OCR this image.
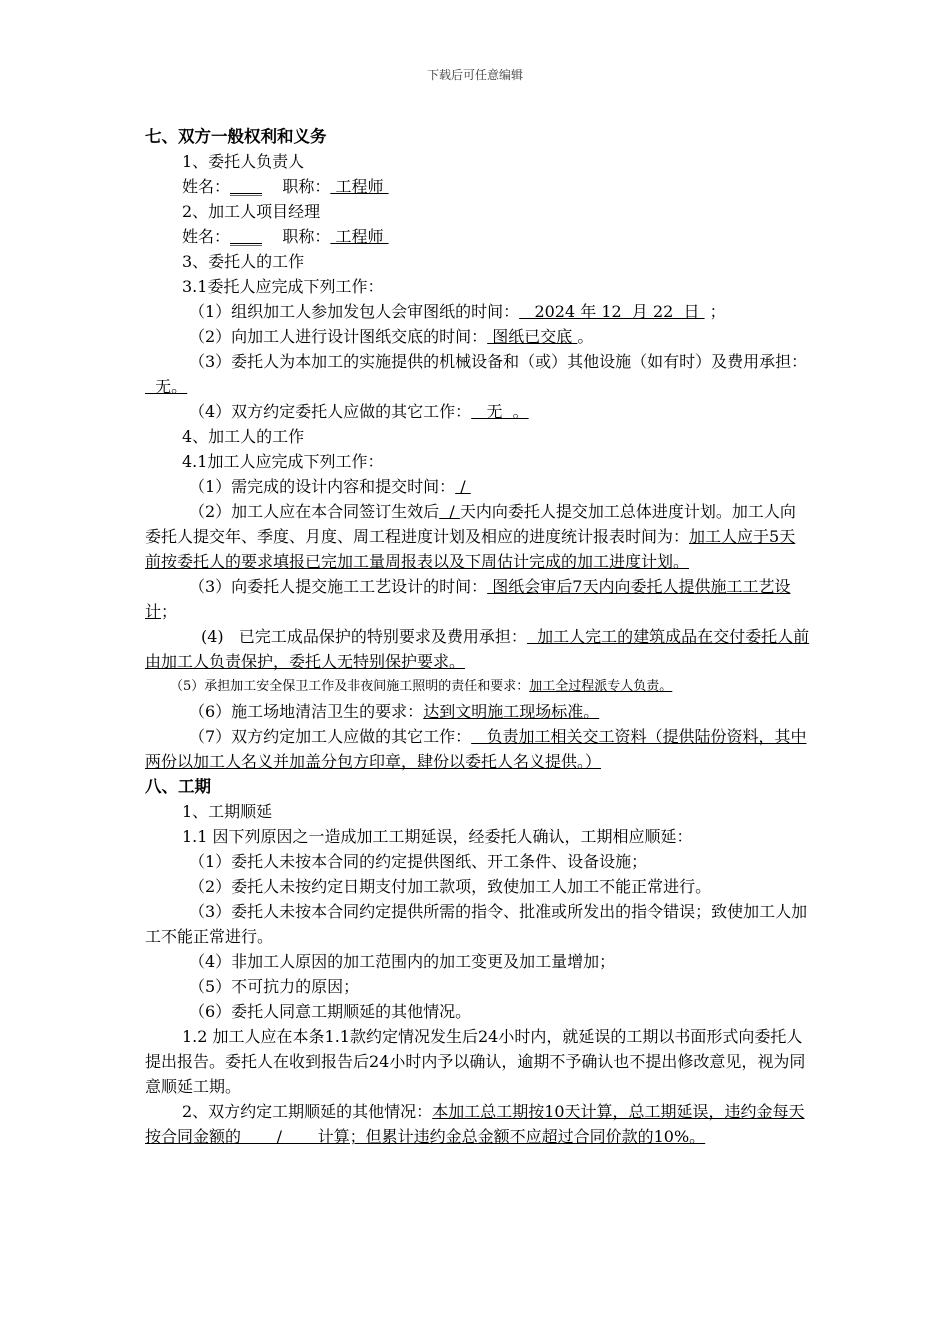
下载后可任意编辑
七、双方一般权利和义务
1、委托人负责人
姓名：____    职称： 工程师
2、加工人项目经理
姓名：____    职称： 工程师
3、委托人的工作
3.1委托人应完成下列工作：
（1）组织加工人参加发包人会审图纸的时间：   2024 年 12  月 22  日  ；
（2）向加工人进行设计图纸交底的时间： 图纸已交底 。
（3）委托人为本加工的实施提供的机械设备和（或）其他设施（如有时）及费用承担：  无。
（4）双方约定委托人应做的其它工作：   无  。
4、加工人的工作
4.1加工人应完成下列工作：
（1）需完成的设计内容和提交时间： /
（2）加工人应在本合同签订生效后  / 天内向委托人提交加工总体进度计划。加工人向委托人提交年、季度、月度、周工程进度计划及相应的进度统计报表时间为：加工人应于5天前按委托人的要求填报已完加工量周报表以及下周估计完成的加工进度计划。
（3）向委托人提交施工工艺设计的时间： 图纸会审后7天内向委托人提供施工工艺设计；
(4)   已完工成品保护的特别要求及费用承担：  加工人完工的建筑成品在交付委托人前由加工人负责保护，委托人无特别保护要求。
（5）承担加工安全保卫工作及非夜间施工照明的责任和要求：加工全过程派专人负责。
（6）施工场地清洁卫生的要求：达到文明施工现场标准。
（7）双方约定加工人应做的其它工作：   负责加工相关交工资料（提供陆份资料，其中两份以加工人名义并加盖分包方印章，肆份以委托人名义提供。）
八、工期
1、工期顺延
1.1 因下列原因之一造成加工工期延误，经委托人确认，工期相应顺延：
（1）委托人未按本合同的约定提供图纸、开工条件、设备设施；
（2）委托人未按约定日期支付加工款项，致使加工人加工不能正常进行。
（3）委托人未按本合同约定提供所需的指令、批准或所发出的指令错误；致使加工人加工不能正常进行。
（4）非加工人原因的加工范围内的加工变更及加工量增加；
（5）不可抗力的原因；
（6）委托人同意工期顺延的其他情况。
1.2 加工人应在本条1.1款约定情况发生后24小时内，就延误的工期以书面形式向委托人提出报告。委托人在收到报告后24小时内予以确认，逾期不予确认也不提出修改意见，视为同意顺延工期。
2、双方约定工期顺延的其他情况：本加工总工期按10天计算，总工期延误，违约金每天按合同金额的       /       计算；但累计违约金总金额不应超过合同价款的10%。
